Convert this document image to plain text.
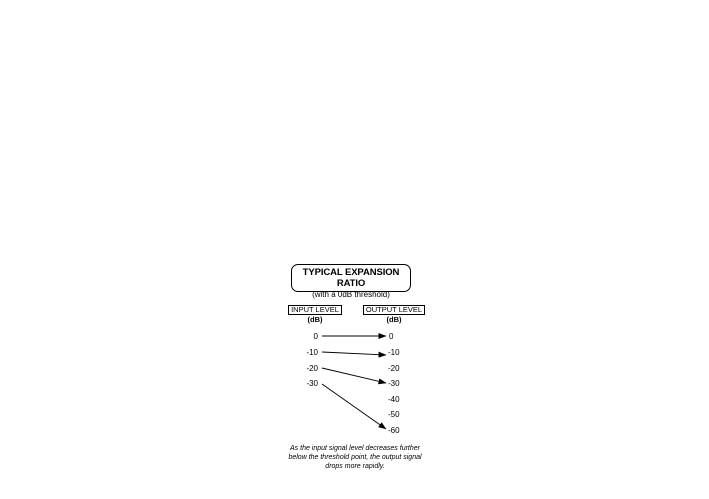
TYPICAL EXPANSION RATIO
(with a 0dB threshold)
INPUT LEVEL
(dB)
OUTPUT LEVEL
(dB)
0
-10
-20
-30
0
-10
-20
-30
-40
-50
-60
As the input signal level decreases further below the threshold point, the output signal drops more rapidly.
